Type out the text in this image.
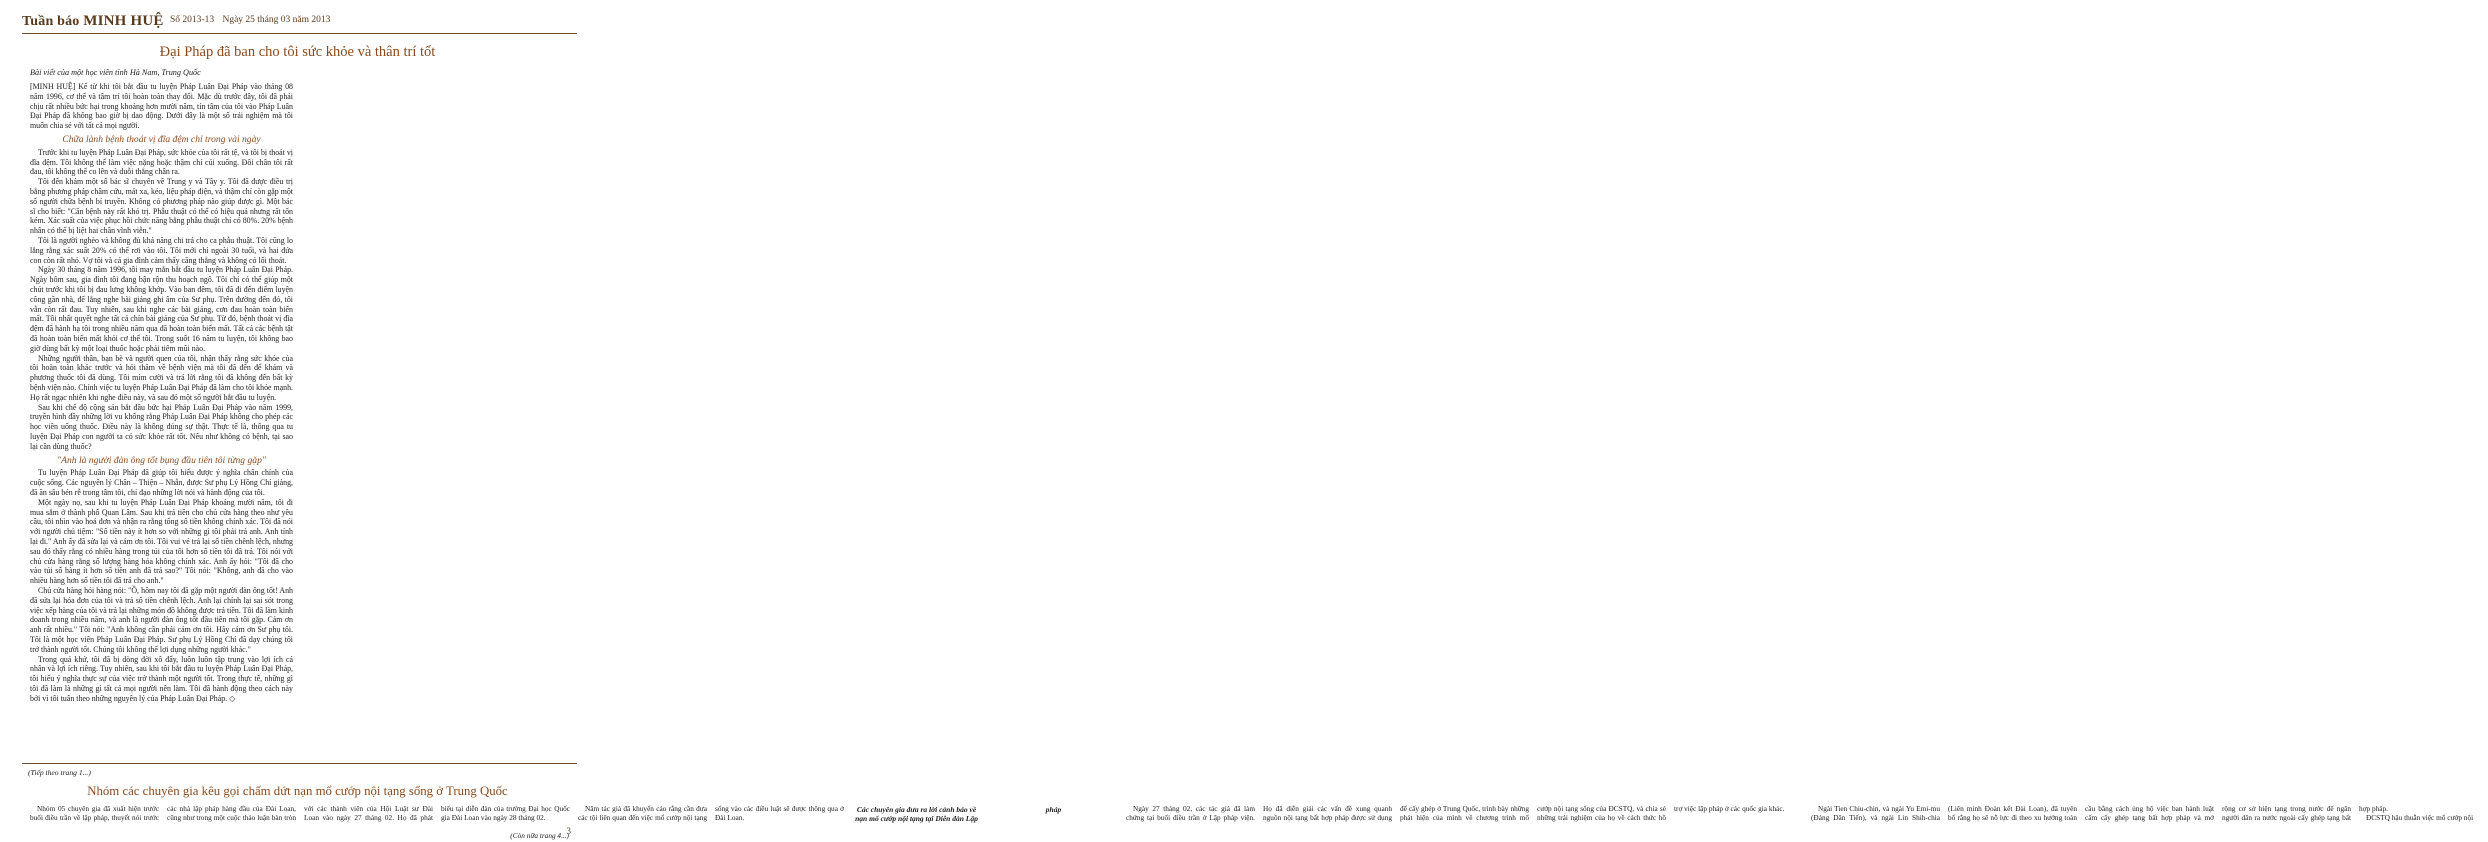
Tuần báo MINH HUỆ Số 2013-13 Ngày 25 tháng 03 năm 2013
Đại Pháp đã ban cho tôi sức khỏe và thân trí tốt
Bài viết của một học viên tỉnh Hà Nam, Trung Quốc

[MINH HUỆ] Kể từ khi tôi bắt đầu tu luyện Pháp Luân Đại Pháp vào tháng 08 năm 1996, cơ thể và tâm trí tôi hoàn toàn thay đổi. Mặc dù trước đây, tôi đã phải chịu rất nhiều bức hại trong khoảng hơn mười năm, tín tâm của tôi vào Pháp Luân Đại Pháp đã không bao giờ bị dao động. Dưới đây là một số trải nghiệm mà tôi muốn chia sẻ với tất cả mọi người.

Chữa lành bệnh thoát vị đĩa đệm chỉ trong vài ngày

Trước khi tu luyện Pháp Luân Đại Pháp, sức khỏe của tôi rất tệ, và tôi bị thoát vị đĩa đệm. Tôi không thể làm việc nặng hoặc thậm chí cúi xuống. Đôi chân tôi rất đau, tôi không thể co lên và duỗi thẳng chân ra.

Tôi đến khám một số bác sĩ chuyên về Trung y và Tây y. Tôi đã được điều trị bằng phương pháp châm cứu, mát xa, kéo, liệu pháp điện, và thậm chí còn gặp một số người chữa bệnh bí truyền. Không có phương pháp nào giúp được gì. Một bác sĩ cho biết: "Căn bệnh này rất khó trị. Phẫu thuật có thể có hiệu quả nhưng rất tốn kém. Xác suất của việc phục hồi chức năng bằng phẫu thuật chỉ có 80%. 20% bệnh nhân có thể bị liệt hai chân vĩnh viễn."

Tôi là người nghèo và không đủ khả năng chi trả cho ca phẫu thuật. Tôi cũng lo lắng rằng xác suất 20% có thể rơi vào tôi. Tôi mới chỉ ngoài 30 tuổi, và hai đứa con còn rất nhỏ. Vợ tôi và cả gia đình cảm thấy căng thẳng và không có lối thoát.

Ngày 30 tháng 8 năm 1996, tôi may mắn bắt đầu tu luyện Pháp Luân Đại Pháp. Ngày hôm sau, gia đình tôi đang bận rộn thu hoạch ngô. Tôi chỉ có thể giúp một chút trước khi tôi bị đau lưng không khớp. Vào ban đêm, tôi đã đi đến điểm luyện công gần nhà, để lắng nghe bài giảng ghi âm của Sư phụ. Trên đường đến đó, tôi vẫn còn rất đau. Tuy nhiên, sau khi nghe các bài giảng, cơn đau hoàn toàn biến mất. Tôi nhất quyết nghe tất cả chín bài giảng của Sư phụ. Từ đó, bệnh thoát vị đĩa đệm đã hành hạ tôi trong nhiều năm qua đã hoàn toàn biến mất. Tất cả các bệnh tật đã hoàn toàn biến mất khỏi cơ thể tôi. Trong suốt 16 năm tu luyện, tôi không bao giờ dùng bất kỳ một loại thuốc hoặc phải tiêm mũi nào.

Những người thân, bạn bè và người quen của tôi, nhận thấy rằng sức khỏe của tôi hoàn toàn khác trước và hỏi thăm về bệnh viện mà tôi đã đến để khám và phương thuốc tôi đã dùng. Tôi mỉm cười và trả lời rằng tôi đã không đến bất kỳ bệnh viện nào. Chính việc tu luyện Pháp Luân Đại Pháp đã làm cho tôi khỏe mạnh. Họ rất ngạc nhiên khi nghe điều này, và sau đó một số người bắt đầu tu luyện.

Sau khi chế độ cộng sản bắt đầu bức hại Pháp Luân Đại Pháp vào năm 1999, truyền hình đầy những lời vu khống rằng Pháp Luân Đại Pháp không cho phép các học viên uống thuốc. Điều này là không đúng sự thật. Thực tế là, thông qua tu luyện Đại Pháp con người ta có sức khỏe rất tốt. Nếu như không có bệnh, tại sao lại cần dùng thuốc?

"Anh là người đàn ông tốt bụng đầu tiên tôi từng gặp"

Tu luyện Pháp Luân Đại Pháp đã giúp tôi hiểu được ý nghĩa chân chính của cuộc sống. Các nguyên lý Chân – Thiện – Nhẫn, được Sư phụ Lý Hồng Chí giảng, đã ăn sâu bén rễ trong tâm tôi, chỉ đạo những lời nói và hành động của tôi.

Một ngày nọ, sau khi tu luyện Pháp Luân Đại Pháp khoảng mười năm, tôi đi mua sắm ở thành phố Quan Lâm. Sau khi trả tiền cho chủ cửa hàng theo như yêu cầu, tôi nhìn vào hoá đơn và nhận ra rằng tổng số tiền không chính xác. Tôi đã nói với người chủ tiệm: "Số tiền này ít hơn so với những gì tôi phải trả anh. Anh tính lại đi." Anh ấy đã sửa lại và cảm ơn tôi. Tôi vui vẻ trả lại số tiền chênh lệch, nhưng sau đó thấy rằng có nhiều hàng trong túi của tôi hơn số tiền tôi đã trả. Tôi nói với chủ cửa hàng rằng số lượng hàng hóa không chính xác. Anh ấy hỏi: "Tôi đã cho vào túi số hàng ít hơn số tiền anh đã trả sao?" Tôi nói: "Không, anh đã cho vào nhiều hàng hơn số tiền tôi đã trả cho anh."

Chủ cửa hàng hỏi hàng nói: "Ồ, hôm nay tôi đã gặp một người đàn ông tốt! Anh đã sửa lại hóa đơn của tôi và trả số tiền chênh lệch. Anh lại chỉnh lại sai sót trong việc xếp hàng của tôi và trả lại những món đồ không được trả tiền. Tôi đã làm kinh doanh trong nhiều năm, và anh là người đàn ông tốt đầu tiên mà tôi gặp. Cảm ơn anh rất nhiều." Tôi nói: "Anh không cần phải cảm ơn tôi. Hãy cảm ơn Sư phụ tôi. Tôi là một học viên Pháp Luân Đại Pháp. Sư phụ Lý Hồng Chí đã dạy chúng tôi trở thành người tốt. Chúng tôi không thể lợi dụng những người khác."

Trong quá khứ, tôi đã bị dòng đời xô đẩy, luôn luôn tập trung vào lợi ích cá nhân và lợi ích riêng. Tuy nhiên, sau khi tôi bắt đầu tu luyện Pháp Luân Đại Pháp, tôi hiểu ý nghĩa thực sự của việc trở thành một người tốt. Trong thực tế, những gì tôi đã làm là những gì tất cả mọi người nên làm. Tôi đã hành động theo cách này bởi vì tôi tuân theo những nguyên lý của Pháp Luân Đại Pháp. ◇

(Tiếp theo trang 1...)
Nhóm các chuyên gia kêu gọi chấm dứt nạn mổ cướp nội tạng sống ở Trung Quốc

Nhóm 05 chuyên gia đã xuất hiện trước buổi điều trần về lập pháp, thuyết nói trước các nhà lập pháp hàng đầu của Đài Loan, cũng như trong một cuộc thảo luận bàn tròn với các thành viên của Hội Luật sư Đài Loan vào ngày 27 tháng 02. Họ đã phát biểu tại diễn đàn của trường Đại học Quốc gia Đài Loan vào ngày 28 tháng 02.

Năm tác giả đã khuyến cáo rằng cần đưa các tội liên quan đến việc mổ cướp nội tạng sống vào các điều luật sẽ được thông qua ở Đài Loan.

Các chuyên gia đưa ra lời cảnh báo về nạn mổ cướp nội tạng tại Diễn đàn Lập pháp	Ngày 27 tháng 02, các tác giả đã làm chứng tại buổi điều trần ở Lập pháp viện. Họ đã diễn giải các vấn đề xung quanh nguồn nội tạng bất hợp pháp được sử dụng để cấy ghép ở Trung Quốc, trình bày những phát hiện của mình về chương trình mổ cướp nội tạng sống của ĐCSTQ, và chia sẻ những trải nghiệm của họ về cách thức hồ trợ việc lập pháp ở các quốc gia khác.	Ngài Tien Chiu-chin, và ngài Yu Emi-mu (Đảng Dân Tiến), và ngài Lin Shih-chia (Liên minh Đoàn kết Đài Loan), đã tuyên bố rằng họ sẽ nỗ lực đi theo xu hướng toàn cầu bằng cách ủng hộ việc ban hành luật cấm cấy ghép tạng bất hợp pháp và mở rộng cơ sở hiện tạng trong nước để ngăn người dân ra nước ngoài cấy ghép tạng bất hợp pháp.

ĐCSTQ hậu thuẫn việc mổ cướp nội

(Còn nữa trang 4...)
3
